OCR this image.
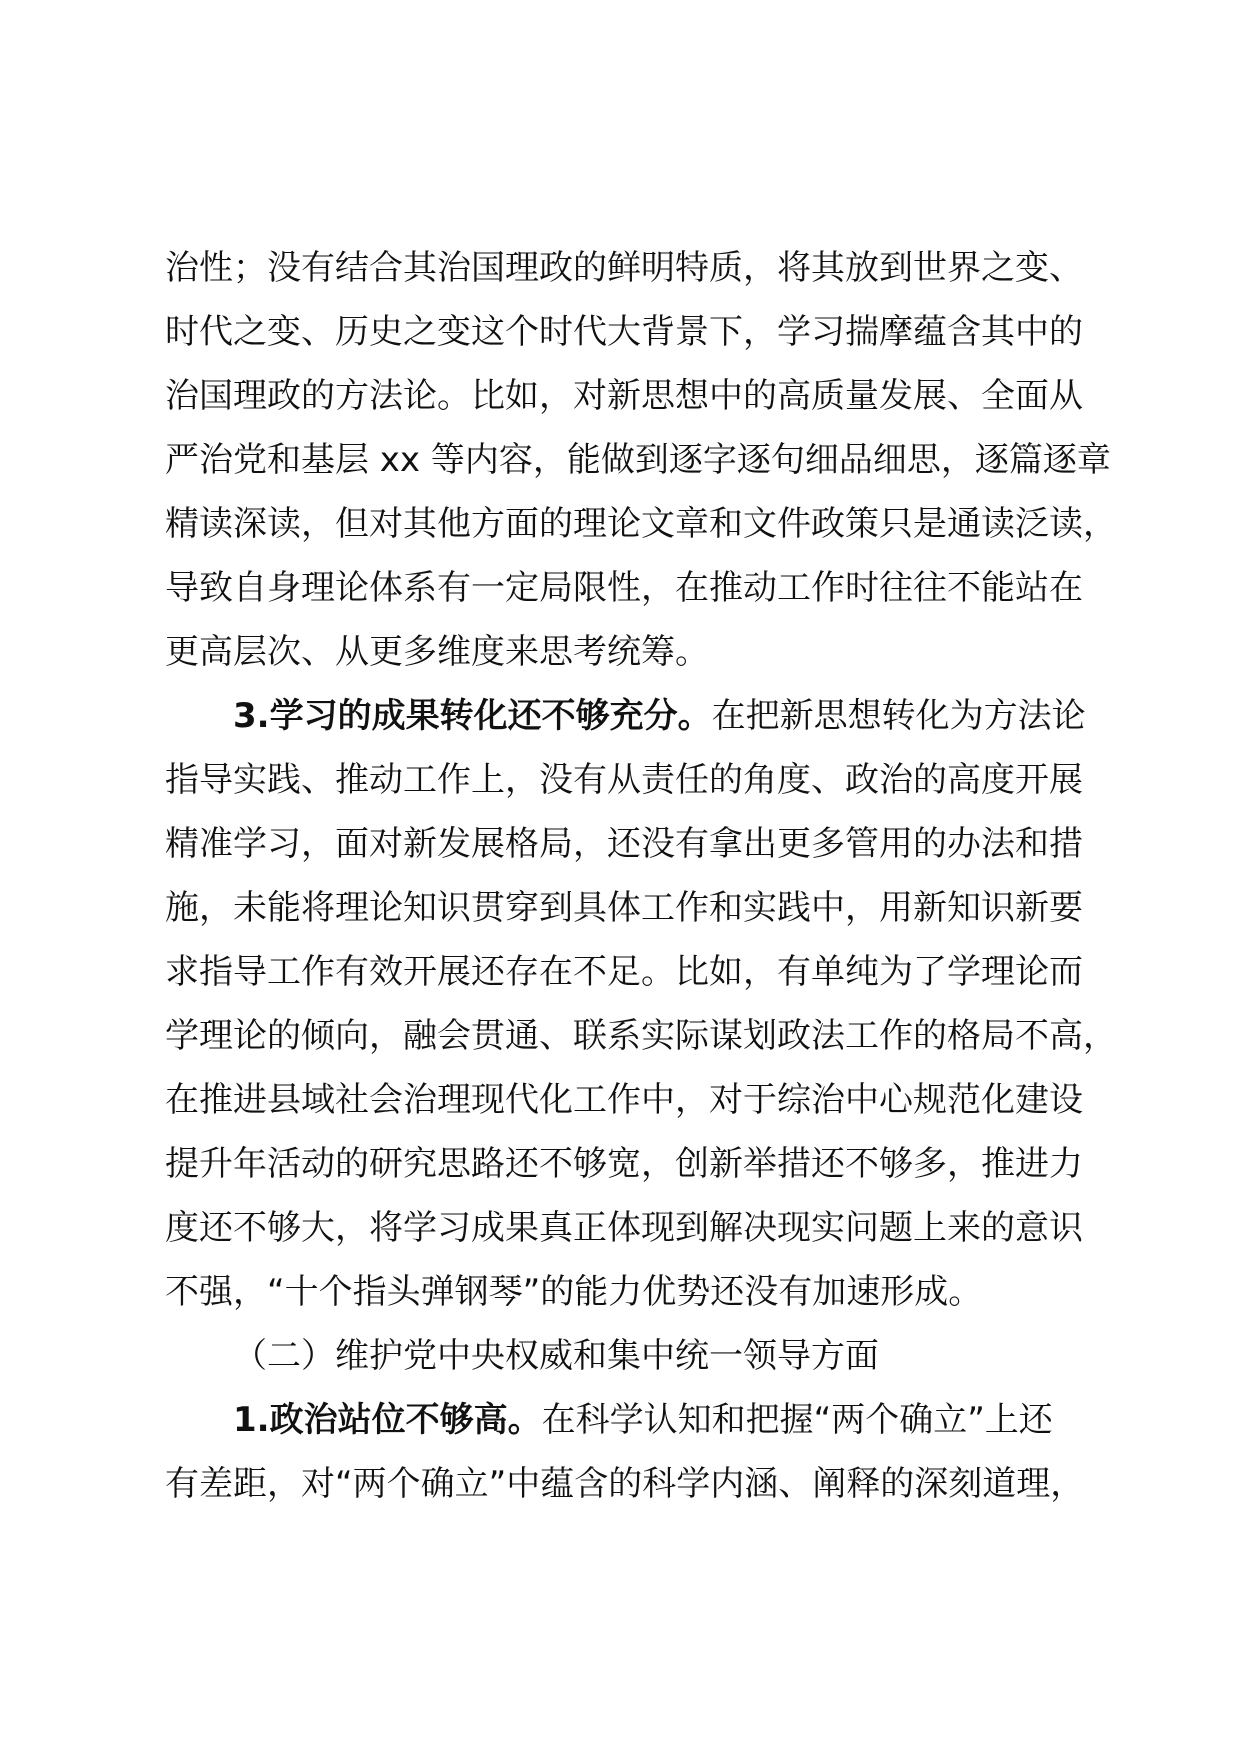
治性；没有结合其治国理政的鲜明特质，将其放到世界之变、
时代之变、历史之变这个时代大背景下，学习揣摩蕴含其中的
治国理政的方法论。比如，对新思想中的高质量发展、全面从
严治党和基层 xx 等内容，能做到逐字逐句细品细思，逐篇逐章
精读深读，但对其他方面的理论文章和文件政策只是通读泛读，
导致自身理论体系有一定局限性，在推动工作时往往不能站在
更高层次、从更多维度来思考统筹。
3.学习的成果转化还不够充分。在把新思想转化为方法论
指导实践、推动工作上，没有从责任的角度、政治的高度开展
精准学习，面对新发展格局，还没有拿出更多管用的办法和措
施，未能将理论知识贯穿到具体工作和实践中，用新知识新要
求指导工作有效开展还存在不足。比如，有单纯为了学理论而
学理论的倾向，融会贯通、联系实际谋划政法工作的格局不高，
在推进县域社会治理现代化工作中，对于综治中心规范化建设
提升年活动的研究思路还不够宽，创新举措还不够多，推进力
度还不够大，将学习成果真正体现到解决现实问题上来的意识
不强，“十个指头弹钢琴”的能力优势还没有加速形成。
（二）维护党中央权威和集中统一领导方面
1.政治站位不够高。在科学认知和把握“两个确立”上还
有差距，对“两个确立”中蕴含的科学内涵、阐释的深刻道理，
